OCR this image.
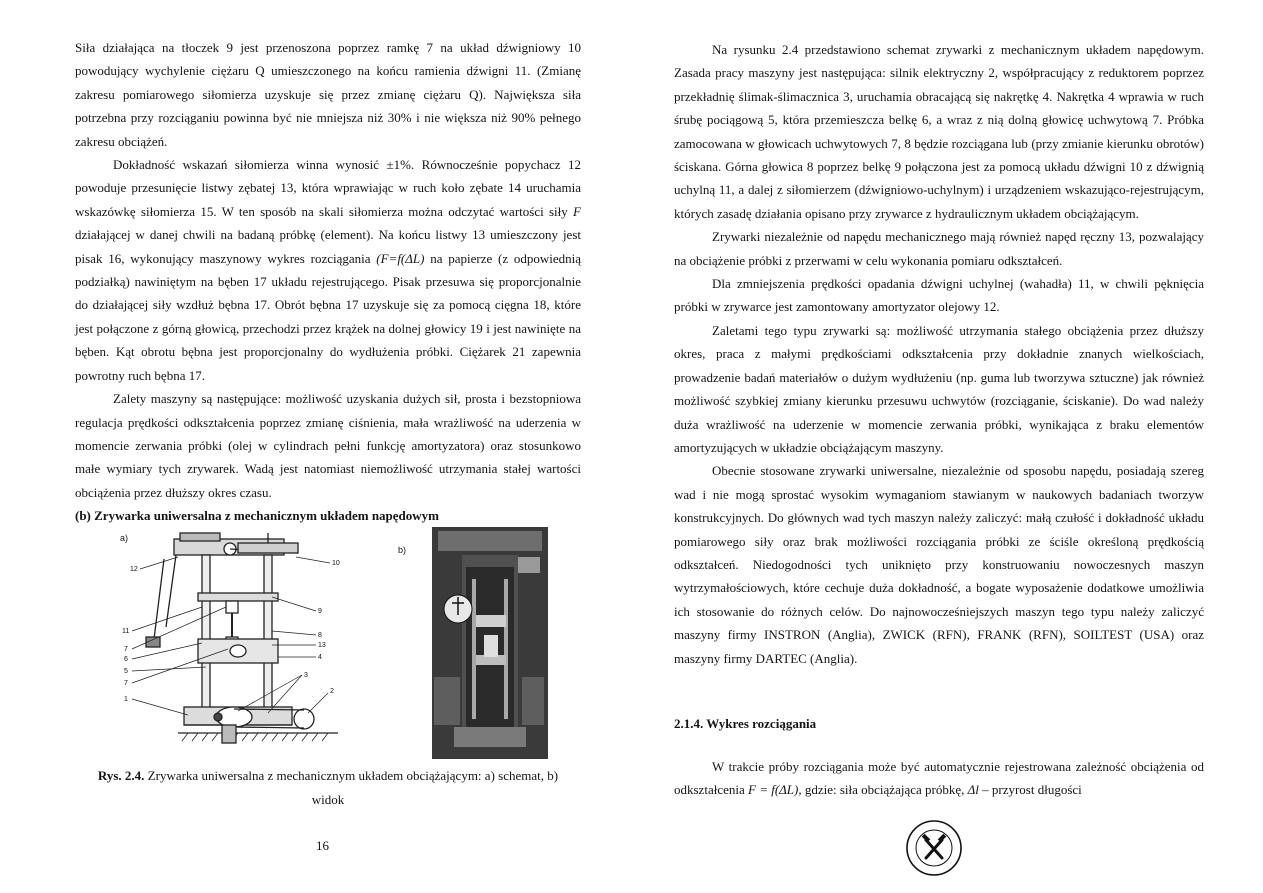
Siła działająca na tłoczek 9 jest przenoszona poprzez ramkę 7 na układ dźwigniowy 10 powodujący wychylenie ciężaru Q umieszczonego na końcu ramienia dźwigni 11. (Zmianę zakresu pomiarowego siłomierza uzyskuje się przez zmianę ciężaru Q). Największa siła potrzebna przy rozciąganiu powinna być nie mniejsza niż 30% i nie większa niż 90% pełnego zakresu obciążeń.

Dokładność wskazań siłomierza winna wynosić ±1%. Równocześnie popychacz 12 powoduje przesunięcie listwy zębatej 13, która wprawiając w ruch koło zębate 14 uruchamia wskazówkę siłomierza 15. W ten sposób na skali siłomierza można odczytać wartości siły F działającej w danej chwili na badaną próbkę (element). Na końcu listwy 13 umieszczony jest pisak 16, wykonujący maszynowy wykres rozciągania (F=f(ΔL) na papierze (z odpowiednią podziałką) nawiniętym na bęben 17 układu rejestrującego. Pisak przesuwa się proporcjonalnie do działającej siły wzdłuż bębna 17. Obrót bębna 17 uzyskuje się za pomocą cięgna 18, które jest połączone z górną głowicą, przechodzi przez krążek na dolnej głowicy 19 i jest nawinięte na bęben. Kąt obrotu bębna jest proporcjonalny do wydłużenia próbki. Ciężarek 21 zapewnia powrotny ruch bębna 17.

Zalety maszyny są następujące: możliwość uzyskania dużych sił, prosta i bezstopniowa regulacja prędkości odkształcenia poprzez zmianę ciśnienia, mała wrażliwość na uderzenia w momencie zerwania próbki (olej w cylindrach pełni funkcję amortyzatora) oraz stosunkowo małe wymiary tych zrywarek. Wadą jest natomiast niemożliwość utrzymania stałej wartości obciążenia przez dłuższy okres czasu.

(b) Zrywarka uniwersalna z mechanicznym układem napędowym
a)
b)
12
10
11
9
7
6
8
5
13
7
4
1
3
2
Rys. 2.4. Zrywarka uniwersalna z mechanicznym układem obciążającym: a) schemat, b) widok
16

Na rysunku 2.4 przedstawiono schemat zrywarki z mechanicznym układem napędowym. Zasada pracy maszyny jest następująca: silnik elektryczny 2, współpracujący z reduktorem poprzez przekładnię ślimak-ślimacznica 3, uruchamia obracającą się nakrętkę 4. Nakrętka 4 wprawia w ruch śrubę pociągową 5, która przemieszcza belkę 6, a wraz z nią dolną głowicę uchwytową 7. Próbka zamocowana w głowicach uchwytowych 7, 8 będzie rozciągana lub (przy zmianie kierunku obrotów) ściskana. Górna głowica 8 poprzez belkę 9 połączona jest za pomocą układu dźwigni 10 z dźwignią uchylną 11, a dalej z siłomierzem (dźwigniowo-uchylnym) i urządzeniem wskazująco-rejestrującym, których zasadę działania opisano przy zrywarce z hydraulicznym układem obciążającym.

Zrywarki niezależnie od napędu mechanicznego mają również napęd ręczny 13, pozwalający na obciążenie próbki z przerwami w celu wykonania pomiaru odkształceń.

Dla zmniejszenia prędkości opadania dźwigni uchylnej (wahadła) 11, w chwili pęknięcia próbki w zrywarce jest zamontowany amortyzator olejowy 12.

Zaletami tego typu zrywarki są: możliwość utrzymania stałego obciążenia przez dłuższy okres, praca z małymi prędkościami odkształcenia przy dokładnie znanych wielkościach, prowadzenie badań materiałów o dużym wydłużeniu (np. guma lub tworzywa sztuczne) jak również możliwość szybkiej zmiany kierunku przesuwu uchwytów (rozciąganie, ściskanie). Do wad należy duża wrażliwość na uderzenie w momencie zerwania próbki, wynikająca z braku elementów amortyzujących w układzie obciążającym maszyny.

Obecnie stosowane zrywarki uniwersalne, niezależnie od sposobu napędu, posiadają szereg wad i nie mogą sprostać wysokim wymaganiom stawianym w naukowych badaniach tworzyw konstrukcyjnych. Do głównych wad tych maszyn należy zaliczyć: małą czułość i dokładność układu pomiarowego siły oraz brak możliwości rozciągania próbki ze ściśle określoną prędkością odkształceń. Niedogodności tych uniknięto przy konstruowaniu nowoczesnych maszyn wytrzymałościowych, które cechuje duża dokładność, a bogate wyposażenie dodatkowe umożliwia ich stosowanie do różnych celów. Do najnowocześniejszych maszyn tego typu należy zaliczyć maszyny firmy INSTRON (Anglia), ZWICK (RFN), FRANK (RFN), SOILTEST (USA) oraz maszyny firmy DARTEC (Anglia).

2.1.4. Wykres rozciągania

W trakcie próby rozciągania może być automatycznie rejestrowana zależność obciążenia od odkształcenia F = f(ΔL), gdzie: siła obciążająca próbkę, Δl – przyrost długości
